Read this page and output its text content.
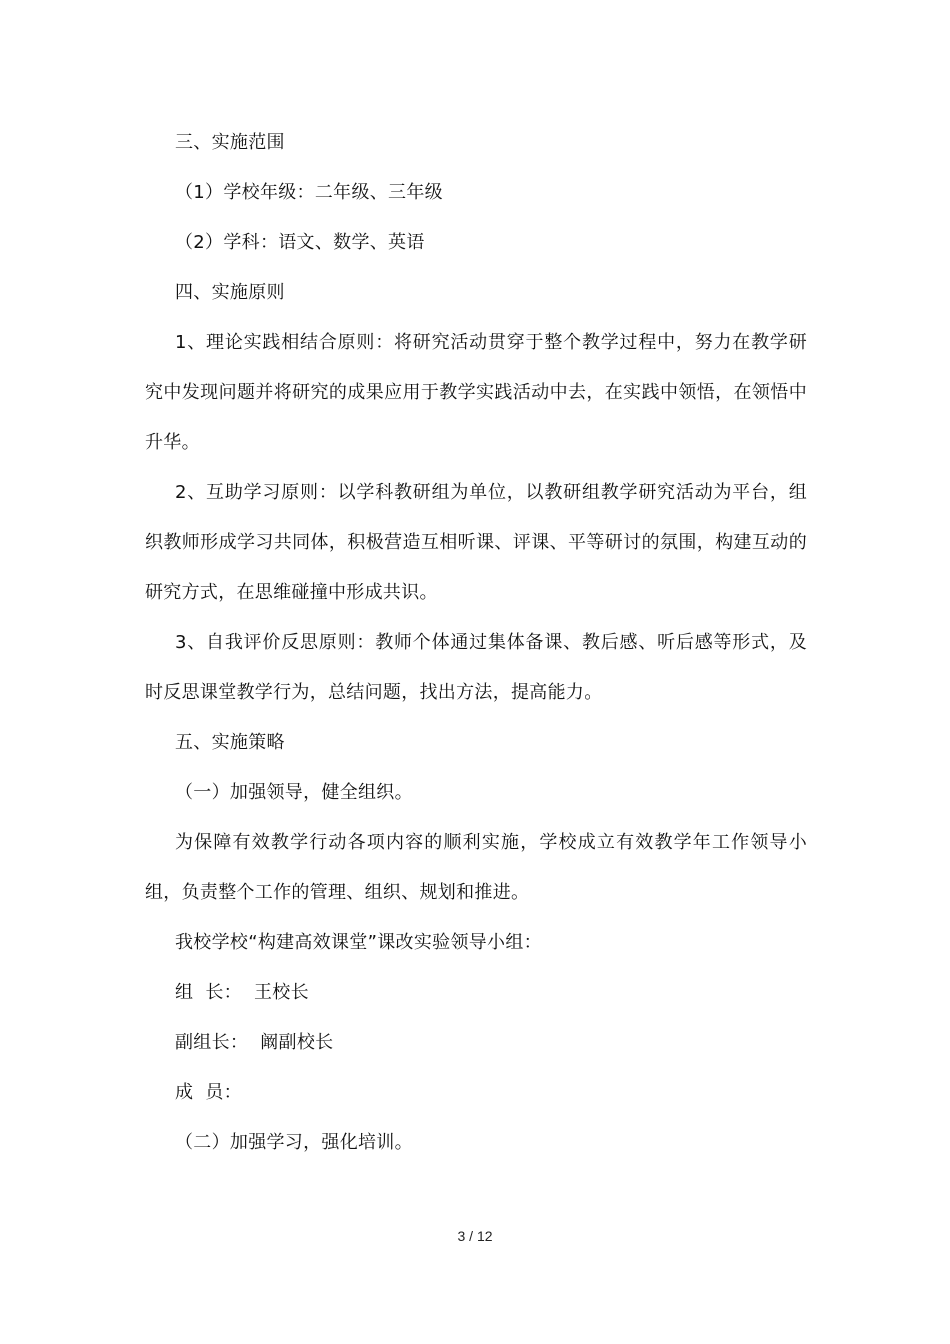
三、实施范围

（1）学校年级：二年级、三年级

（2）学科：语文、数学、英语

四、实施原则

1、理论实践相结合原则：将研究活动贯穿于整个教学过程中，努力在教学研究中发现问题并将研究的成果应用于教学实践活动中去，在实践中领悟，在领悟中升华。

2、互助学习原则：以学科教研组为单位，以教研组教学研究活动为平台，组织教师形成学习共同体，积极营造互相听课、评课、平等研讨的氛围，构建互动的研究方式，在思维碰撞中形成共识。

3、自我评价反思原则：教师个体通过集体备课、教后感、听后感等形式，及时反思课堂教学行为，总结问题，找出方法，提高能力。

五、实施策略

（一）加强领导，健全组织。

为保障有效教学行动各项内容的顺利实施，学校成立有效教学年工作领导小组，负责整个工作的管理、组织、规划和推进。

我校学校“构建高效课堂”课改实验领导小组：

组  长：  王校长

副组长：  阚副校长

成  员：

（二）加强学习，强化培训。

3 / 12
